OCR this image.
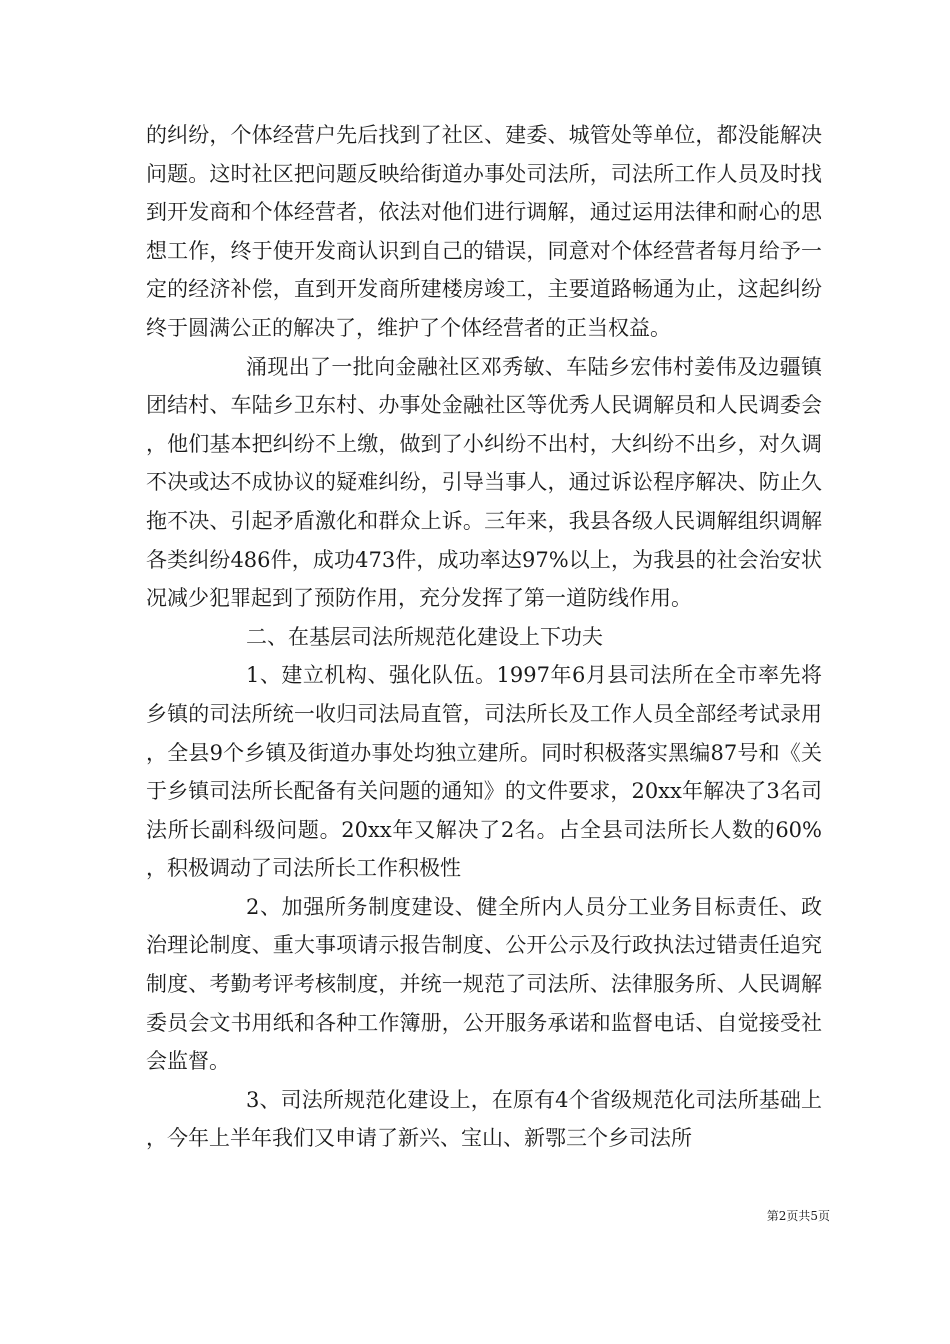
的纠纷，个体经营户先后找到了社区、建委、城管处等单位，都没能解决问题。这时社区把问题反映给街道办事处司法所，司法所工作人员及时找到开发商和个体经营者，依法对他们进行调解，通过运用法律和耐心的思想工作，终于使开发商认识到自己的错误，同意对个体经营者每月给予一定的经济补偿，直到开发商所建楼房竣工，主要道路畅通为止，这起纠纷终于圆满公正的解决了，维护了个体经营者的正当权益。

涌现出了一批向金融社区邓秀敏、车陆乡宏伟村姜伟及边疆镇团结村、车陆乡卫东村、办事处金融社区等优秀人民调解员和人民调委会，他们基本把纠纷不上缴，做到了小纠纷不出村，大纠纷不出乡，对久调不决或达不成协议的疑难纠纷，引导当事人，通过诉讼程序解决、防止久拖不决、引起矛盾激化和群众上诉。三年来，我县各级人民调解组织调解各类纠纷486件，成功473件，成功率达97%以上，为我县的社会治安状况减少犯罪起到了预防作用，充分发挥了第一道防线作用。

二、在基层司法所规范化建设上下功夫

1、建立机构、强化队伍。1997年6月县司法所在全市率先将乡镇的司法所统一收归司法局直管，司法所长及工作人员全部经考试录用，全县9个乡镇及街道办事处均独立建所。同时积极落实黑编87号和《关于乡镇司法所长配备有关问题的通知》的文件要求，20xx年解决了3名司法所长副科级问题。20xx年又解决了2名。占全县司法所长人数的60%，积极调动了司法所长工作积极性

2、加强所务制度建设、健全所内人员分工业务目标责任、政治理论制度、重大事项请示报告制度、公开公示及行政执法过错责任追究制度、考勤考评考核制度，并统一规范了司法所、法律服务所、人民调解委员会文书用纸和各种工作簿册，公开服务承诺和监督电话、自觉接受社会监督。

3、司法所规范化建设上，在原有4个省级规范化司法所基础上，今年上半年我们又申请了新兴、宝山、新鄂三个乡司法所

第2页共5页
